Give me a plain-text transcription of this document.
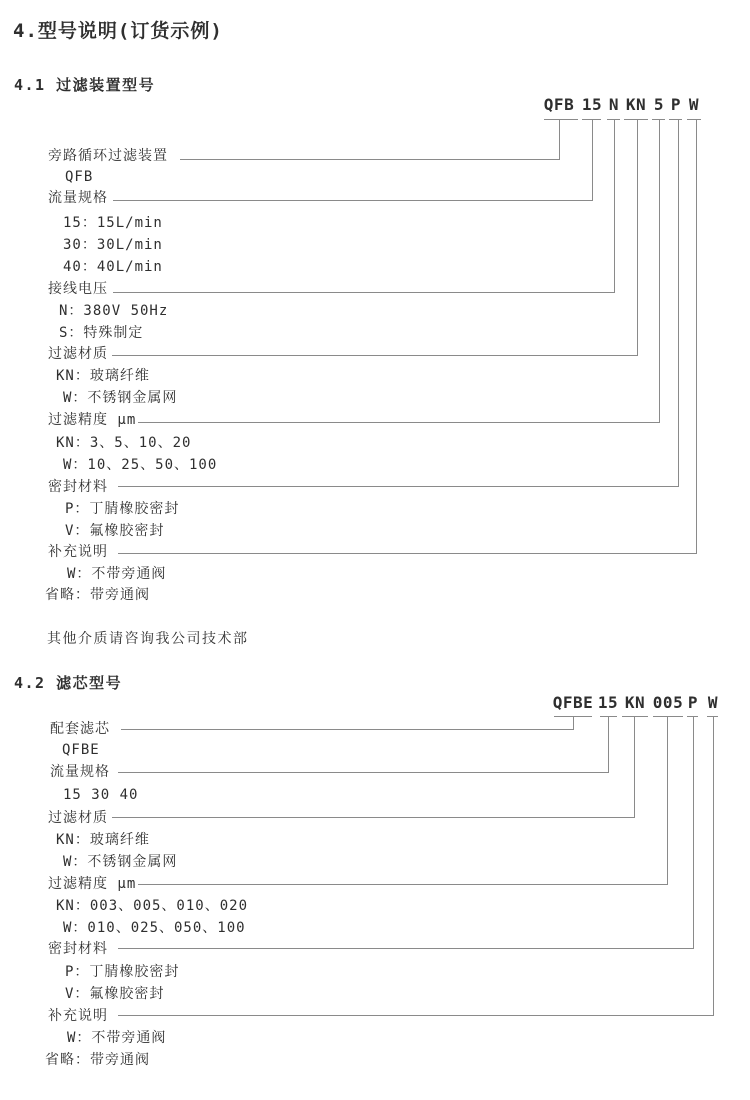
4.型号说明(订货示例)
4.1 过滤装置型号
QFB 15 N KN 5 P W
旁路循环过滤装置
QFB
流量规格
15：15L/min
30：30L/min
40：40L/min
接线电压
N：380V 50Hz
S：特殊制定
过滤材质
KN：玻璃纤维
W：不锈钢金属网
过滤精度 μm
KN：3、5、10、20
W：10、25、50、100
密封材料
P：丁腈橡胶密封
V：氟橡胶密封
补充说明
W：不带旁通阀
省略：带旁通阀
其他介质请咨询我公司技术部
4.2 滤芯型号
QFBE 15 KN 005 P W
配套滤芯
QFBE
流量规格
15 30 40
过滤材质
KN：玻璃纤维
W：不锈钢金属网
过滤精度 μm
KN：003、005、010、020
W：010、025、050、100
密封材料
P：丁腈橡胶密封
V：氟橡胶密封
补充说明
W：不带旁通阀
省略：带旁通阀
